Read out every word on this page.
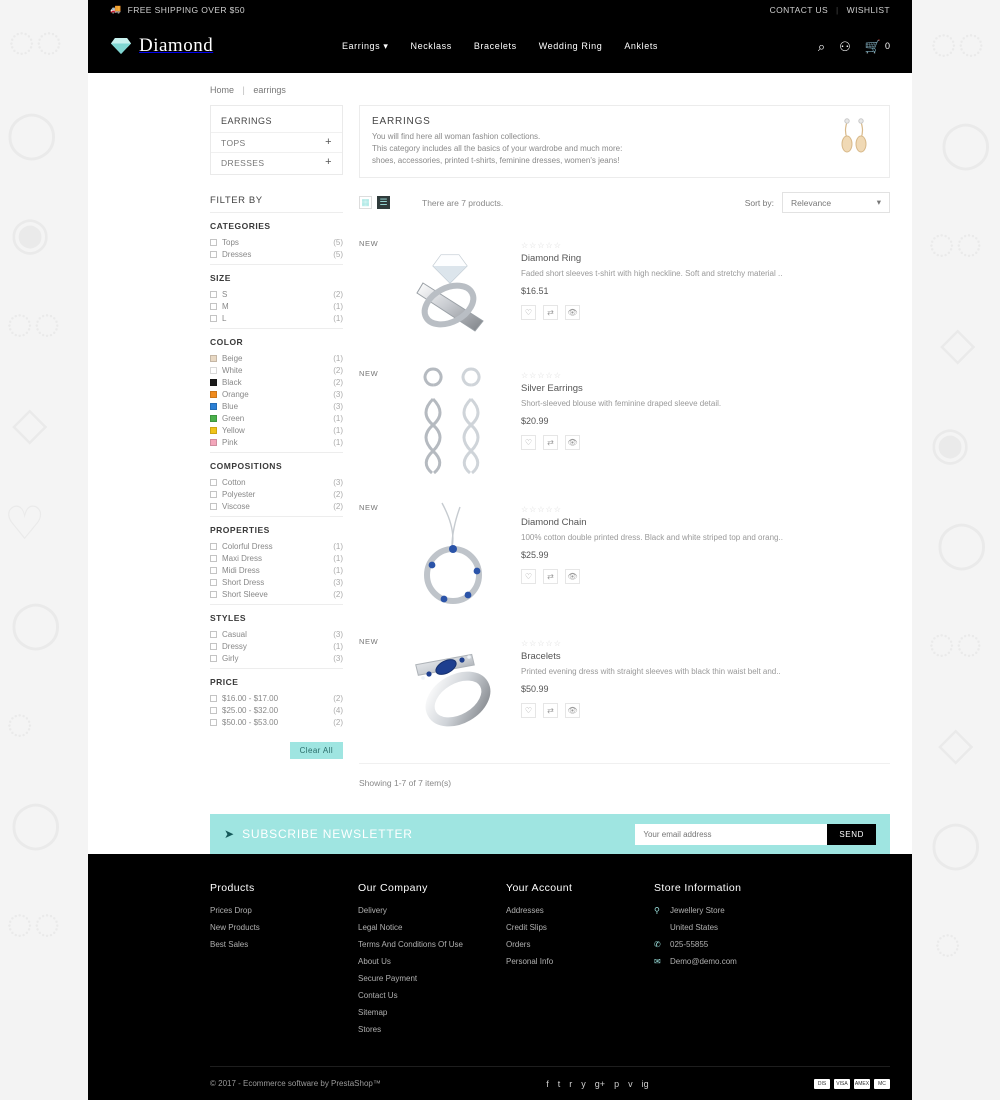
◌◌
◯
◉
◌◌
◇
♡
◯
◌
◯
◌◌
◌◌
◯
◌◌
◇
◉
◯
◌◌
◇
◯
◌
🚚 FREE SHIPPING OVER $50	CONTACT US | WISHLIST
Diamond	Earrings ▾ Necklass Bracelets Wedding Ring Anklets	⌕ ⚇ 🛒 0
Home | earrings
EARRINGS
TOPS	+
DRESSES	+
FILTER BY
CATEGORIES
Tops	(5)
Dresses	(5)
SIZE
S	(2)
M	(1)
L	(1)
COLOR
Beige	(1)
White	(2)
Black	(2)
Orange	(3)
Blue	(3)
Green	(1)
Yellow	(1)
Pink	(1)
COMPOSITIONS
Cotton	(3)
Polyester	(2)
Viscose	(2)
PROPERTIES
Colorful Dress	(1)
Maxi Dress	(1)
Midi Dress	(1)
Short Dress	(3)
Short Sleeve	(2)
STYLES
Casual	(3)
Dressy	(1)
Girly	(3)
PRICE
$16.00 - $17.00	(2)
$25.00 - $32.00	(4)
$50.00 - $53.00	(2)
Clear All
EARRINGS

You will find here all woman fashion collections.

This category includes all the basics of your wardrobe and much more:

shoes, accessories, printed t-shirts, feminine dresses, women's jeans!

▦ ☰	There are 7 products.	Sort by: Relevance	▾
NEW	☆☆☆☆☆
Diamond Ring
Faded short sleeves t-shirt with high neckline. Soft and stretchy material ..
$16.51
♡	⇄	👁
NEW	☆☆☆☆☆
Silver Earrings
Short-sleeved blouse with feminine draped sleeve detail.
$20.99
♡	⇄	👁
NEW	☆☆☆☆☆
Diamond Chain
100% cotton double printed dress. Black and white striped top and orang..
$25.99
♡	⇄	👁
NEW	☆☆☆☆☆
Bracelets
Printed evening dress with straight sleeves with black thin waist belt and..
$50.99
♡	⇄	👁
Showing 1-7 of 7 item(s)
➤ SUBSCRIBE NEWSLETTER
Your email address	SEND
Products
Prices Drop
New Products
Best Sales
Our Company
Delivery
Legal Notice
Terms And Conditions Of Use
About Us
Secure Payment
Contact Us
Sitemap
Stores
Your Account
Addresses
Credit Slips
Orders
Personal Info
Store Information
⚲	Jewellery Store
United States
✆ 025-55855
✉ Demo@demo.com
© 2017 - Ecommerce software by PrestaShop™	f t r y g+ p v ig	DIS	VISA	AMEX	MC
